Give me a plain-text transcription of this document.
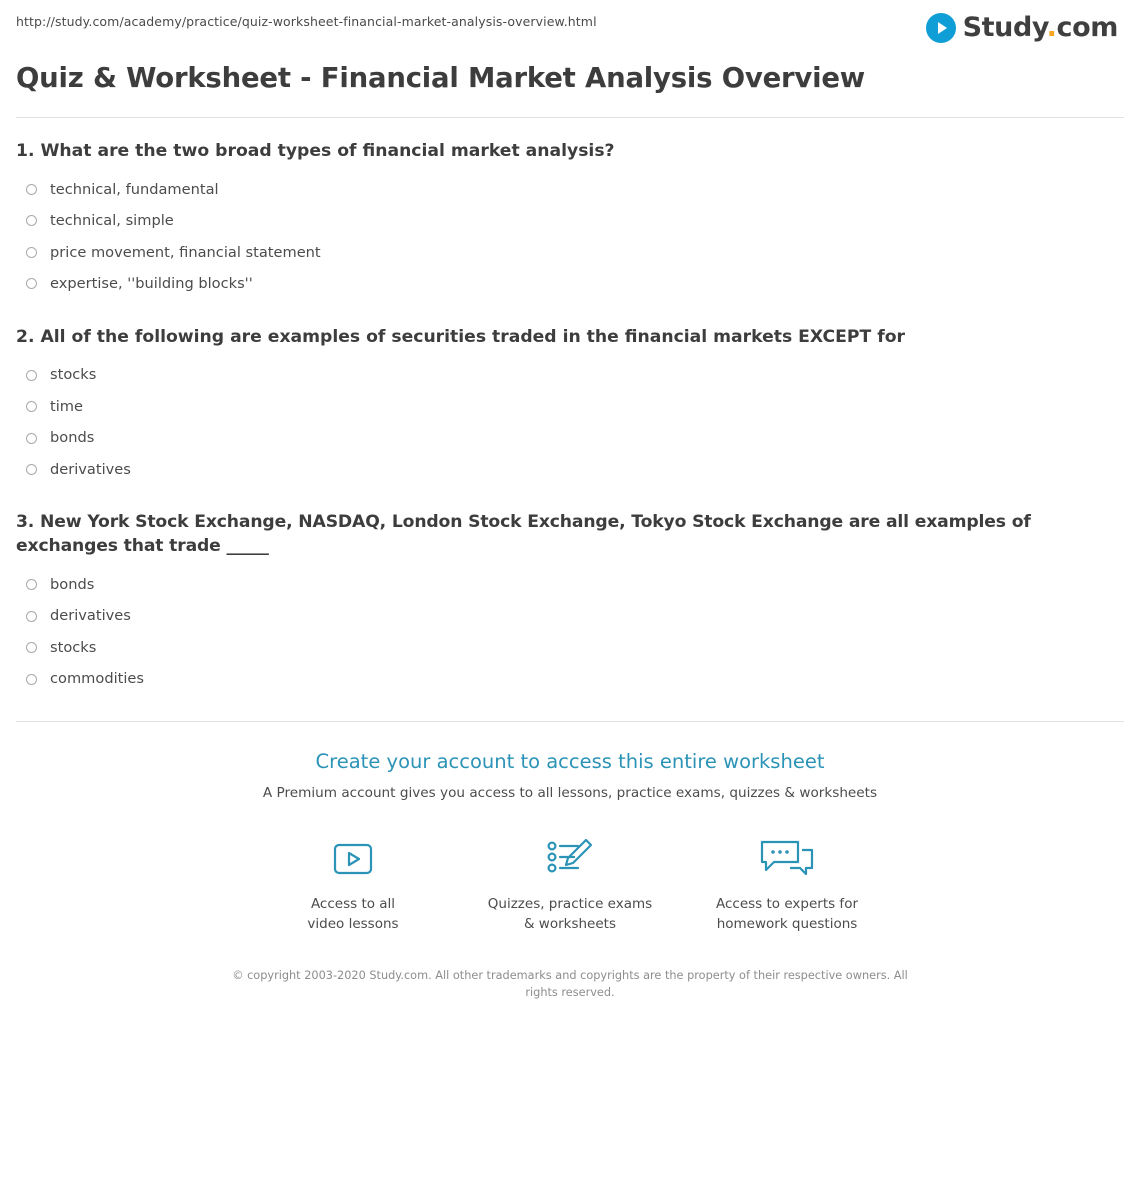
http://study.com/academy/practice/quiz-worksheet-financial-market-analysis-overview.html	Study.com
Quiz & Worksheet - Financial Market Analysis Overview

1. What are the two broad types of financial market analysis?

technical, fundamental
technical, simple
price movement, financial statement
expertise, ''building blocks''

2. All of the following are examples of securities traded in the financial markets EXCEPT for

stocks
time
bonds
derivatives

3. New York Stock Exchange, NASDAQ, London Stock Exchange, Tokyo Stock Exchange are all examples of exchanges that trade _____

bonds
derivatives
stocks
commodities

Create your account to access this entire worksheet

A Premium account gives you access to all lessons, practice exams, quizzes & worksheets

Access to all
video lessons
Quizzes, practice exams
& worksheets
Access to experts for
homework questions
© copyright 2003-2020 Study.com. All other trademarks and copyrights are the property of their respective owners. All rights reserved.
